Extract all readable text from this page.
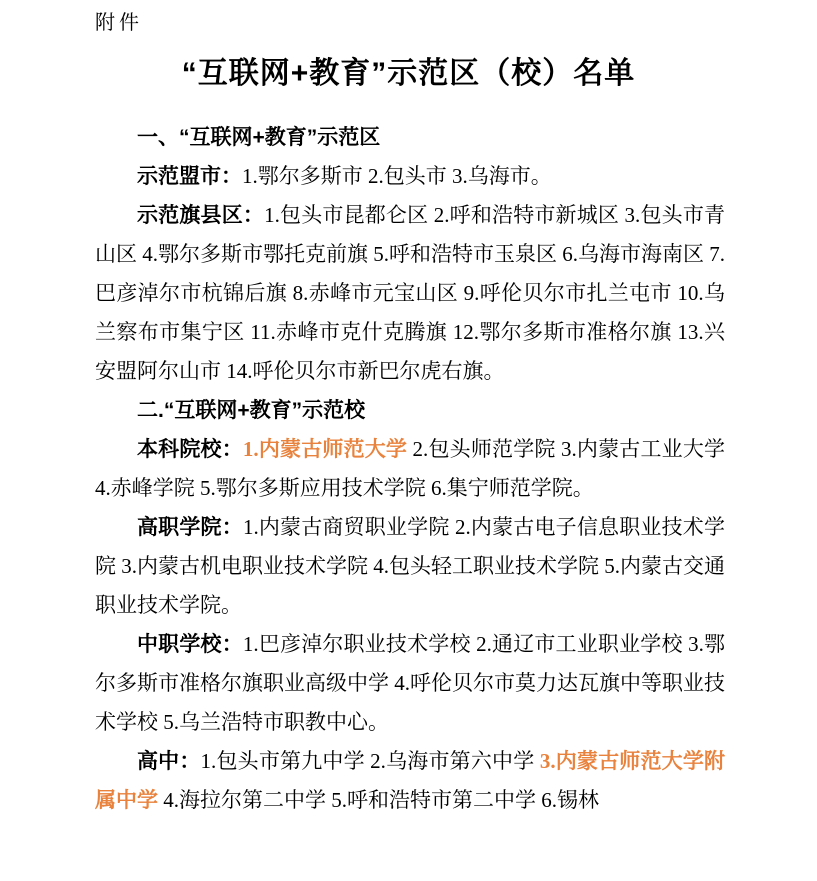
附件
“互联网+教育”示范区（校）名单

一、“互联网+教育”示范区

示范盟市：1.鄂尔多斯市 2.包头市 3.乌海市。

示范旗县区：1.包头市昆都仑区 2.呼和浩特市新城区 3.包头市青山区 4.鄂尔多斯市鄂托克前旗 5.呼和浩特市玉泉区 6.乌海市海南区 7.巴彦淖尔市杭锦后旗 8.赤峰市元宝山区 9.呼伦贝尔市扎兰屯市 10.乌兰察布市集宁区 11.赤峰市克什克腾旗 12.鄂尔多斯市准格尔旗 13.兴安盟阿尔山市 14.呼伦贝尔市新巴尔虎右旗。

二.“互联网+教育”示范校

本科院校：1.内蒙古师范大学 2.包头师范学院 3.内蒙古工业大学 4.赤峰学院 5.鄂尔多斯应用技术学院 6.集宁师范学院。

高职学院：1.内蒙古商贸职业学院 2.内蒙古电子信息职业技术学院 3.内蒙古机电职业技术学院 4.包头轻工职业技术学院 5.内蒙古交通职业技术学院。

中职学校：1.巴彦淖尔职业技术学校 2.通辽市工业职业学校 3.鄂尔多斯市准格尔旗职业高级中学 4.呼伦贝尔市莫力达瓦旗中等职业技术学校 5.乌兰浩特市职教中心。

高中：1.包头市第九中学 2.乌海市第六中学 3.内蒙古师范大学附属中学 4.海拉尔第二中学 5.呼和浩特市第二中学 6.锡林
